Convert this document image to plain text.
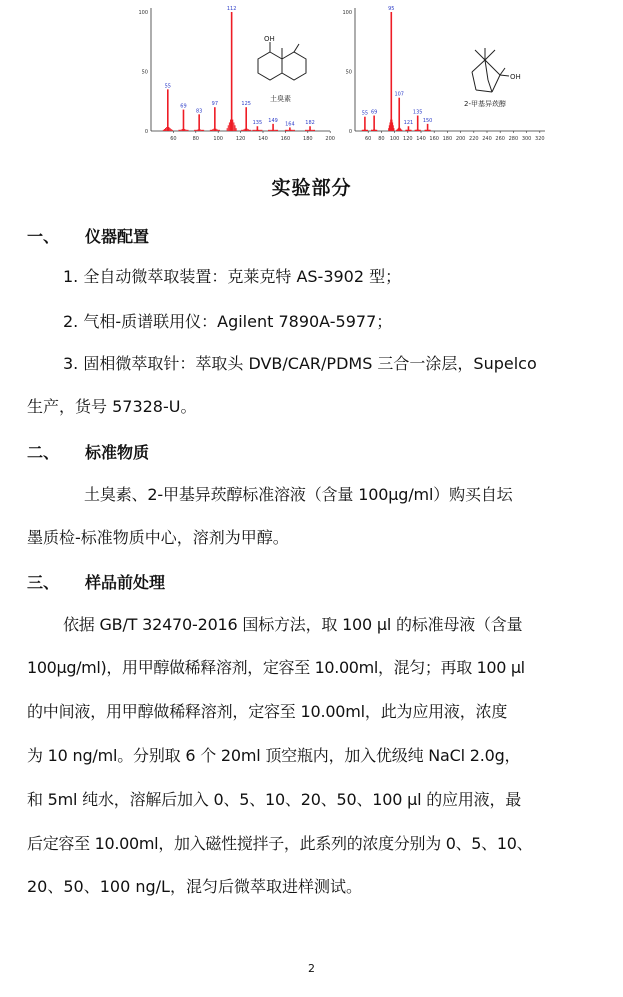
100
50
0
60	80	100	120	140	160	180	200
55
69
83
97
112
125
135 149
164 182
100
50
0
60 80 100 120 140 160 180 200 220 240 260 280 300 320
55 69
95
107
121
135
150
OH
土臭素
OH
2-甲基异莰醇
实验部分
一、 仪器配置
1. 全自动微萃取装置：克莱克特 AS-3902 型；
2. 气相-质谱联用仪：Agilent 7890A-5977；
3. 固相微萃取针：萃取头 DVB/CAR/PDMS 三合一涂层，Supelco
生产，货号 57328-U。
二、 标准物质
土臭素、2-甲基异莰醇标准溶液（含量 100μg/ml）购买自坛
墨质检-标准物质中心，溶剂为甲醇。
三、 样品前处理
依据 GB/T 32470-2016 国标方法，取 100 μl 的标准母液（含量
100μg/ml)，用甲醇做稀释溶剂，定容至 10.00ml，混匀；再取 100 μl
的中间液，用甲醇做稀释溶剂，定容至 10.00ml，此为应用液，浓度
为 10 ng/ml。分别取 6 个 20ml 顶空瓶内，加入优级纯 NaCl 2.0g，
和 5ml 纯水，溶解后加入 0、5、10、20、50、100 μl 的应用液，最
后定容至 10.00ml，加入磁性搅拌子，此系列的浓度分别为 0、5、10、
20、50、100 ng/L，混匀后微萃取进样测试。
2
